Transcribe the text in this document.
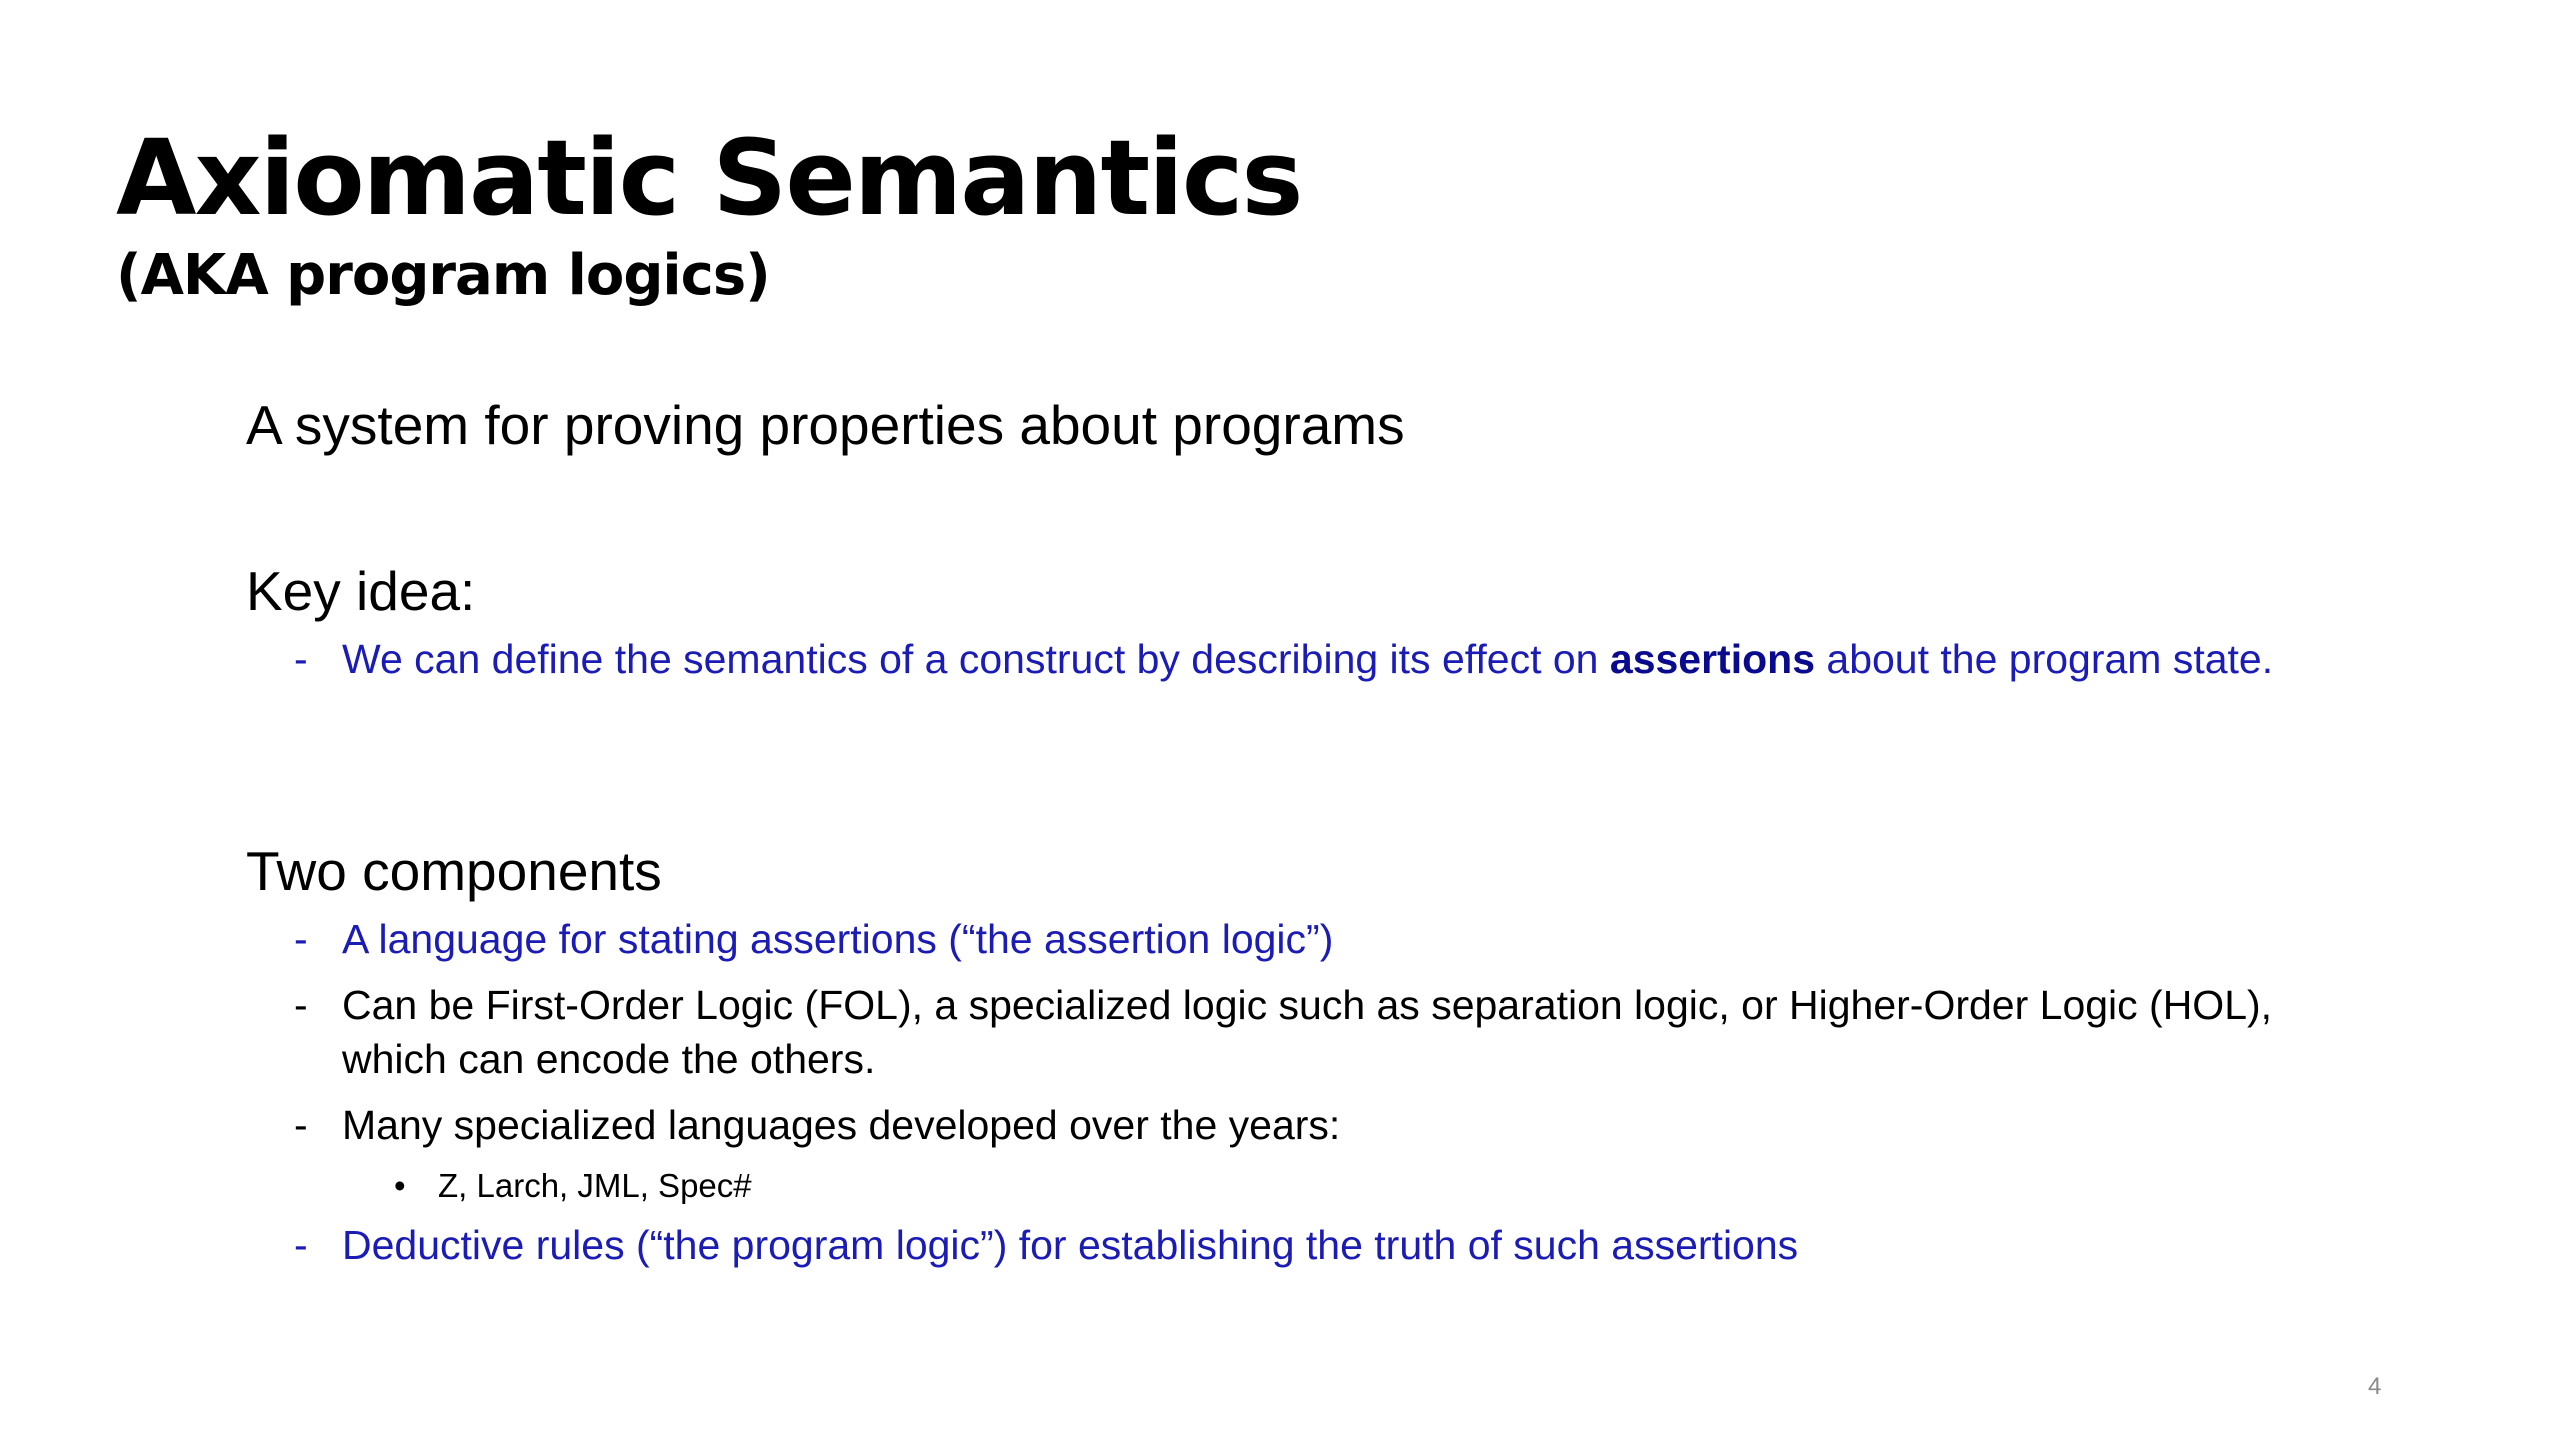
Axiomatic Semantics
(AKA program logics)
A system for proving properties about programs
Key idea:
- We can define the semantics of a construct by describing its effect on assertions about the program state.
Two components
- A language for stating assertions (“the assertion logic”)
- Can be First-Order Logic (FOL), a specialized logic such as separation logic, or Higher-Order Logic (HOL), which can encode the others.
- Many specialized languages developed over the years:
• Z, Larch, JML, Spec#
- Deductive rules (“the program logic”) for establishing the truth of such assertions
4
